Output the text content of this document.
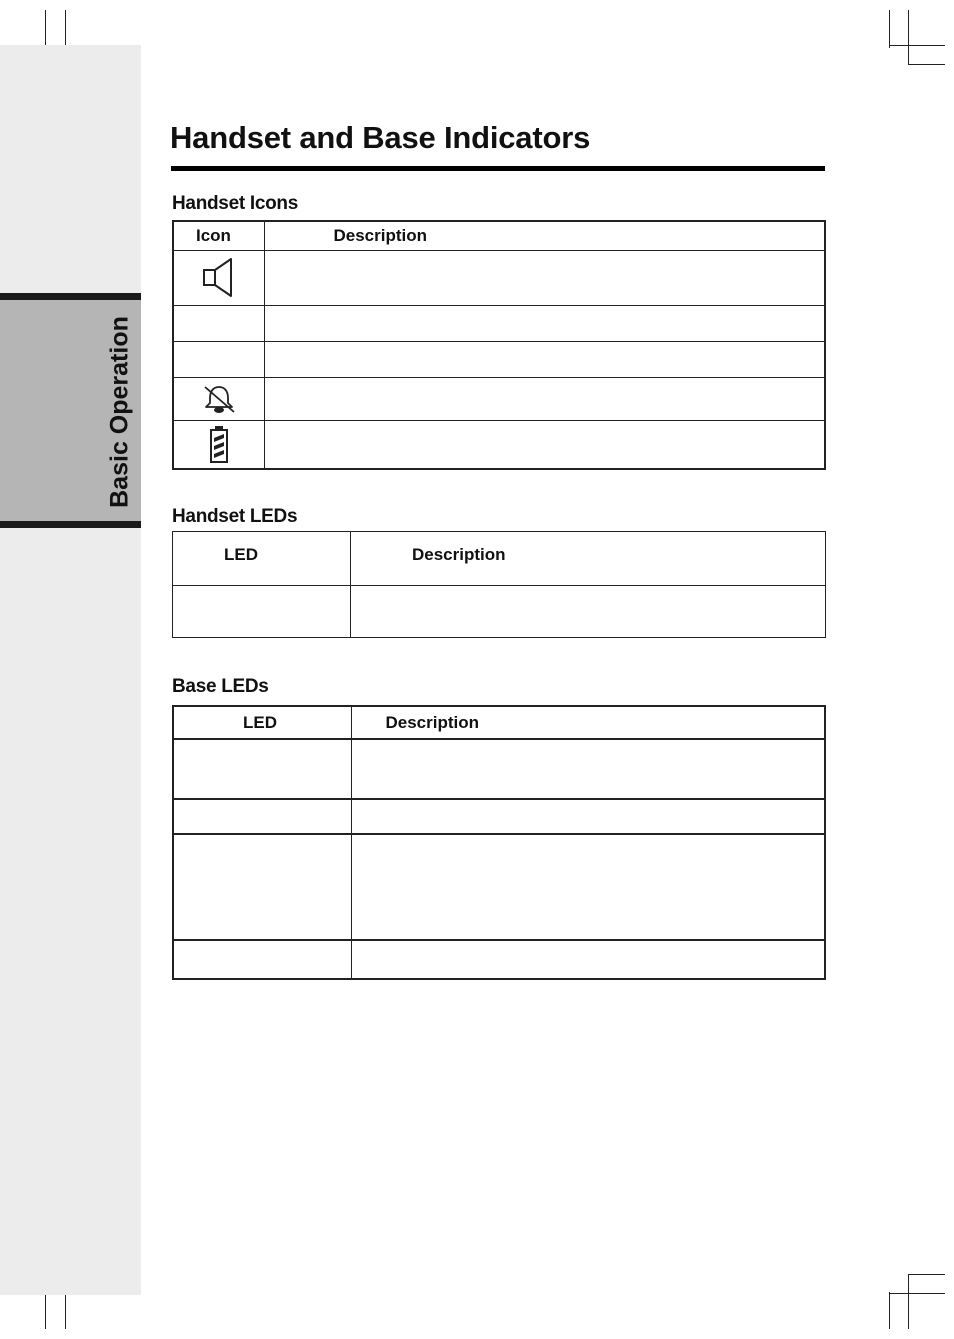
Basic Operation
Handset and Base Indicators
Handset Icons
Icon	Description

Handset LEDs
LED	Description

Base LEDs
LED	Description
